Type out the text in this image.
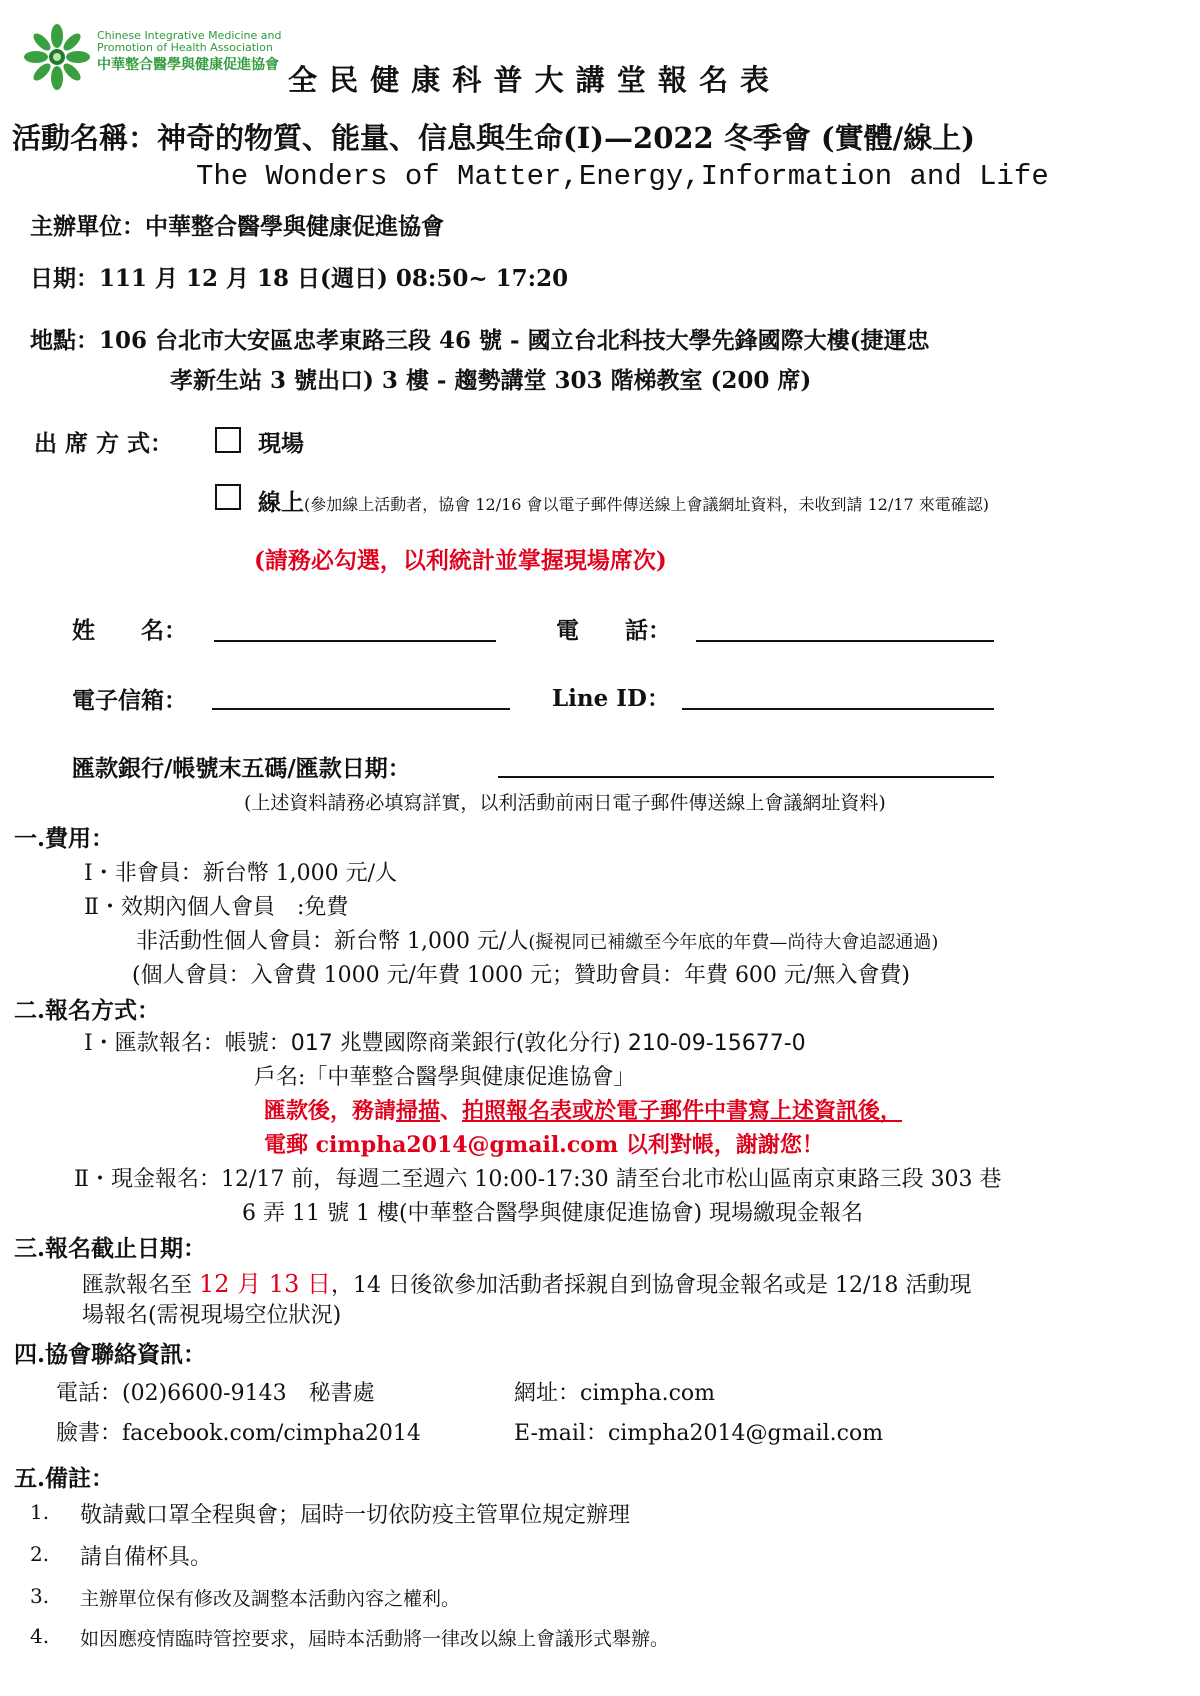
Chinese Integrative Medicine and
Promotion of Health Association
中華整合醫學與健康促進協會 全 民 健 康 科 普 大 講 堂 報 名 表
活動名稱：神奇的物質、能量、信息與生命(Ⅰ)—2022 冬季會 (實體/線上)
The Wonders of Matter,Energy,Information and Life
主辦單位：中華整合醫學與健康促進協會
日期：111 月 12 月 18 日(週日) 08:50~ 17:20
地點：106 台北市大安區忠孝東路三段 46 號 - 國立台北科技大學先鋒國際大樓(捷運忠
孝新生站 3 號出口) 3 樓 - 趨勢講堂 303 階梯教室 (200 席)
出 席 方 式：	現場
線上(參加線上活動者，協會 12/16 會以電子郵件傳送線上會議網址資料，未收到請 12/17 來電確認)
(請務必勾選，以利統計並掌握現場席次)
姓　　名：	電　　話：
電子信箱：	Line ID：
匯款銀行/帳號末五碼/匯款日期：
(上述資料請務必填寫詳實，以利活動前兩日電子郵件傳送線上會議網址資料)
一.費用：
Ⅰ・非會員：新台幣 1,000 元/人
Ⅱ・效期內個人會員　:免費
非活動性個人會員：新台幣 1,000 元/人(擬視同已補繳至今年底的年費—尚待大會追認通過)
(個人會員：入會費 1000 元/年費 1000 元；贊助會員：年費 600 元/無入會費)
二.報名方式：
Ⅰ・匯款報名：帳號：017 兆豐國際商業銀行(敦化分行) 210-09-15677-0
戶名:「中華整合醫學與健康促進協會」
匯款後，務請掃描、拍照報名表或於電子郵件中書寫上述資訊後，
電郵 cimpha2014@gmail.com 以利對帳，謝謝您！
Ⅱ・現金報名：12/17 前，每週二至週六 10:00-17:30 請至台北市松山區南京東路三段 303 巷
6 弄 11 號 1 樓(中華整合醫學與健康促進協會) 現場繳現金報名
三.報名截止日期：
匯款報名至 12 月 13 日，14 日後欲參加活動者採親自到協會現金報名或是 12/18 活動現
場報名(需視現場空位狀況)
四.協會聯絡資訊：
電話：(02)6600-9143　秘書處	網址：cimpha.com
臉書：facebook.com/cimpha2014	E-mail：cimpha2014@gmail.com
五.備註：
1. 敬請戴口罩全程與會；屆時一切依防疫主管單位規定辦理
2. 請自備杯具。
3. 主辦單位保有修改及調整本活動內容之權利。
4. 如因應疫情臨時管控要求，屆時本活動將一律改以線上會議形式舉辦。
